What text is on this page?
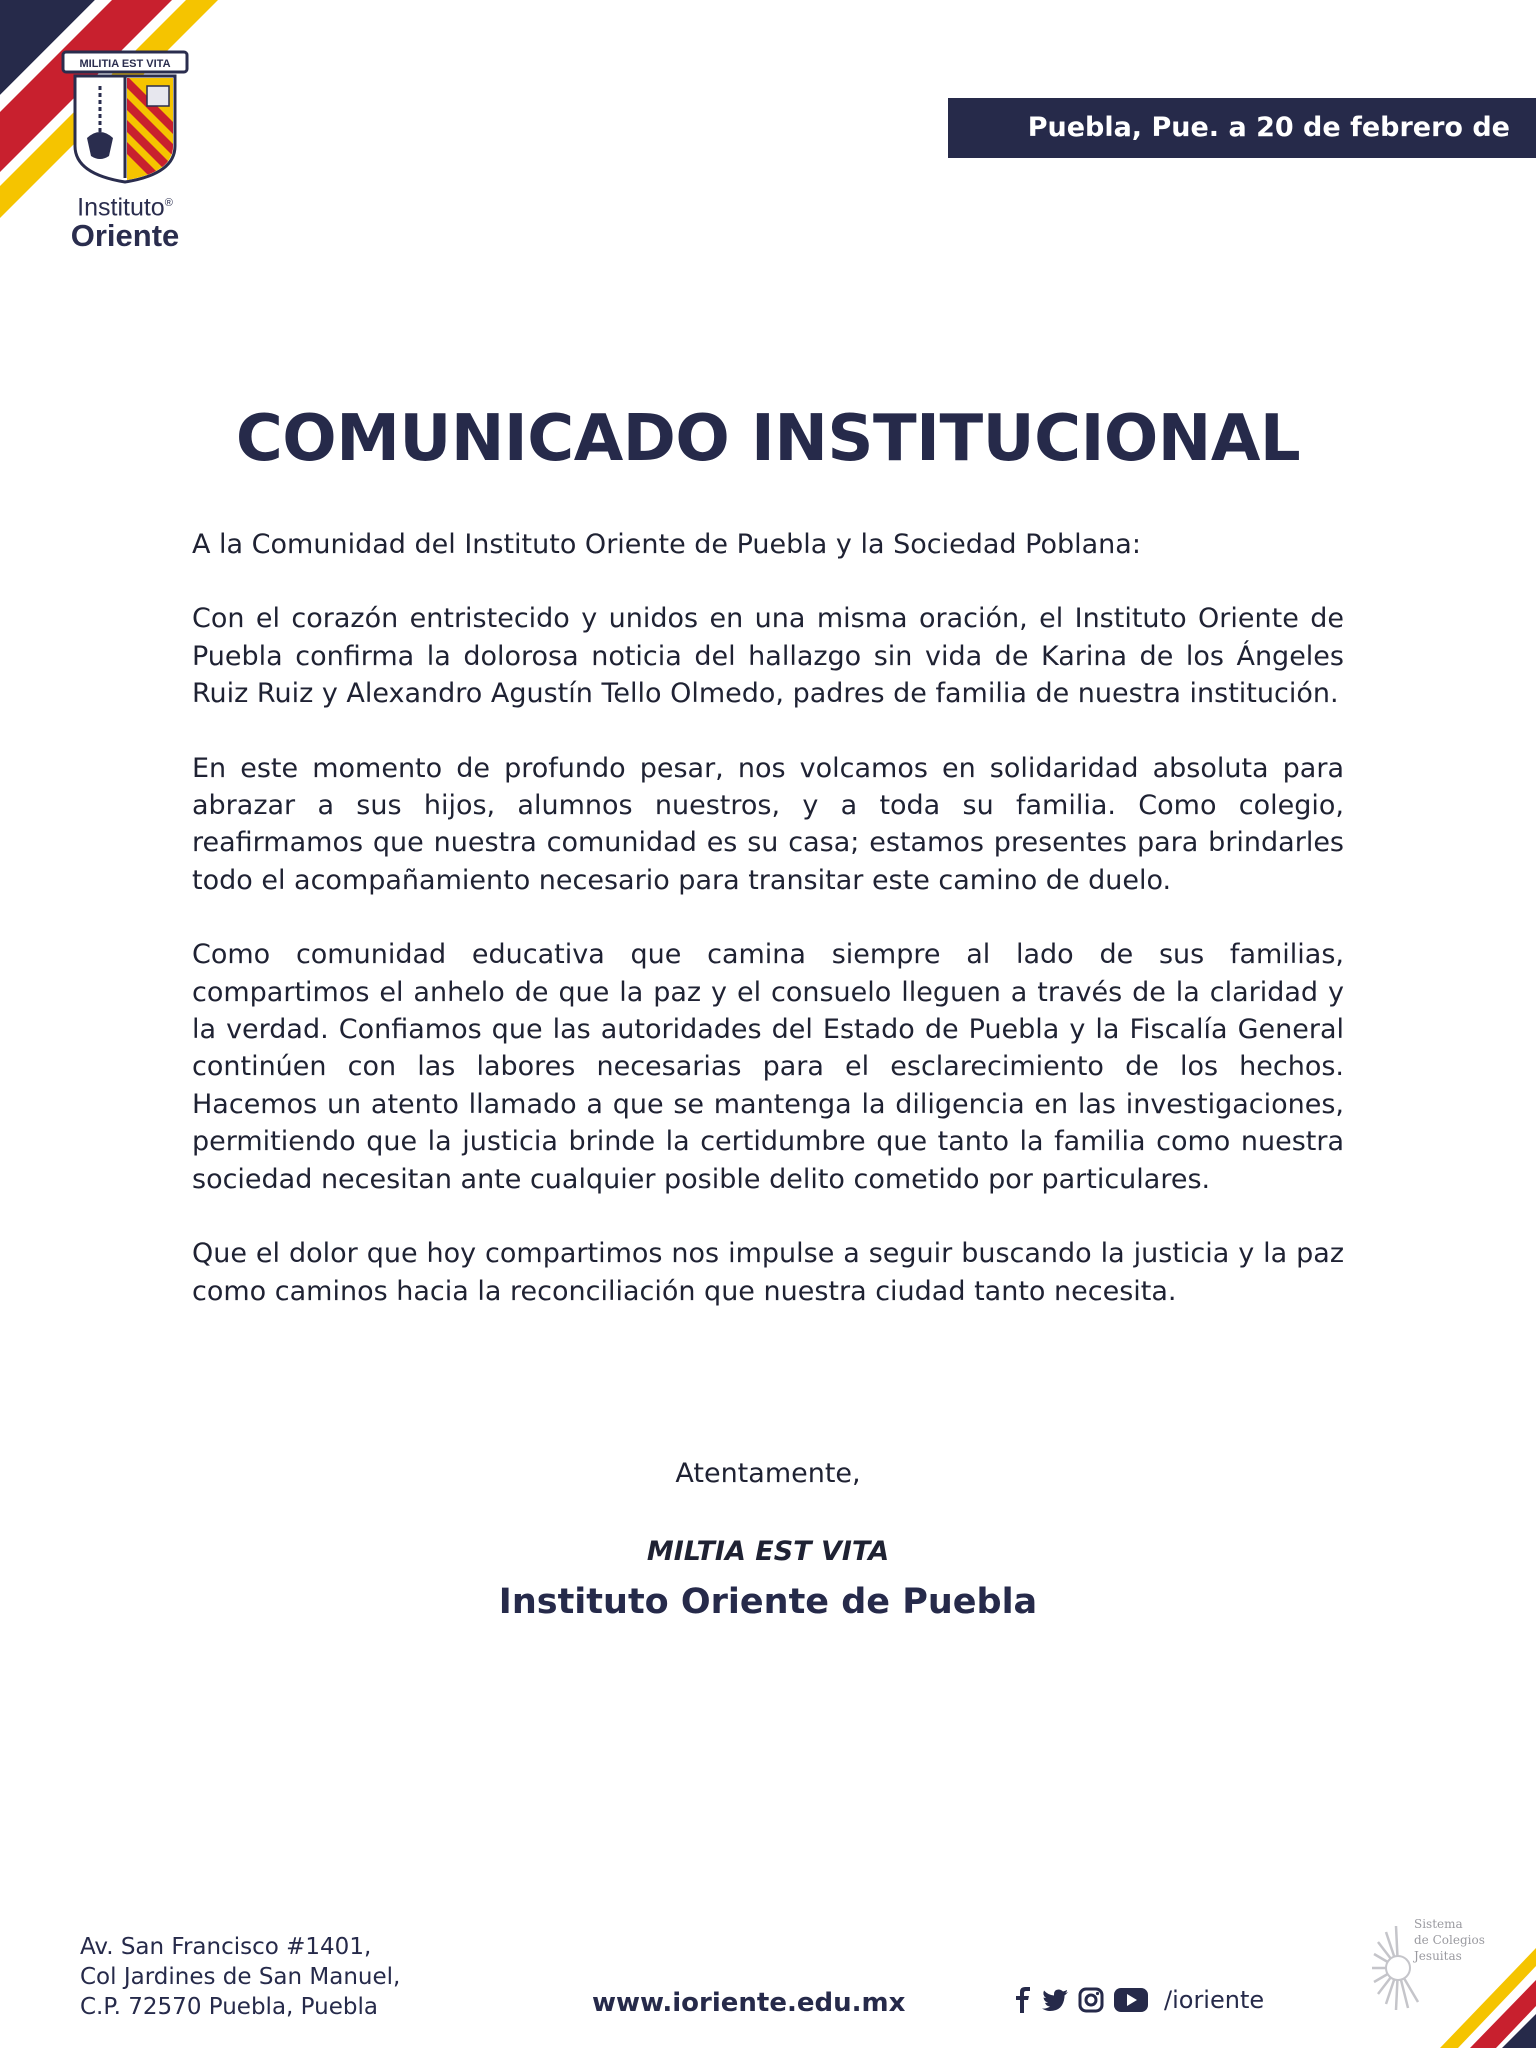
MILITIA EST VITA
Instituto®
Oriente
Puebla, Pue. a 20 de febrero de 2026
COMUNICADO INSTITUCIONAL

A la Comunidad del Instituto Oriente de Puebla y la Sociedad Poblana:

Con el corazón entristecido y unidos en una misma oración, el Instituto Oriente de Puebla confirma la dolorosa noticia del hallazgo sin vida de Karina de los Ángeles Ruiz Ruiz y Alexandro Agustín Tello Olmedo, padres de familia de nuestra institución.

En este momento de profundo pesar, nos volcamos en solidaridad absoluta para abrazar a sus hijos, alumnos nuestros, y a toda su familia. Como colegio, reafirmamos que nuestra comunidad es su casa; estamos presentes para brindarles todo el acompañamiento necesario para transitar este camino de duelo.

Como comunidad educativa que camina siempre al lado de sus familias, compartimos el anhelo de que la paz y el consuelo lleguen a través de la claridad y la verdad. Confiamos que las autoridades del Estado de Puebla y la Fiscalía General continúen con las labores necesarias para el esclarecimiento de los hechos. Hacemos un atento llamado a que se mantenga la diligencia en las investigaciones, permitiendo que la justicia brinde la certidumbre que tanto la familia como nuestra sociedad necesitan ante cualquier posible delito cometido por particulares.

Que el dolor que hoy compartimos nos impulse a seguir buscando la justicia y la paz como caminos hacia la reconciliación que nuestra ciudad tanto necesita.

Atentamente,
MILTIA EST VITA
Instituto Oriente de Puebla
Av. San Francisco #1401,
Col Jardines de San Manuel,
C.P. 72570 Puebla, Puebla	www.ioriente.edu.mx	/ioriente
Sistema
de Colegios
Jesuitas
